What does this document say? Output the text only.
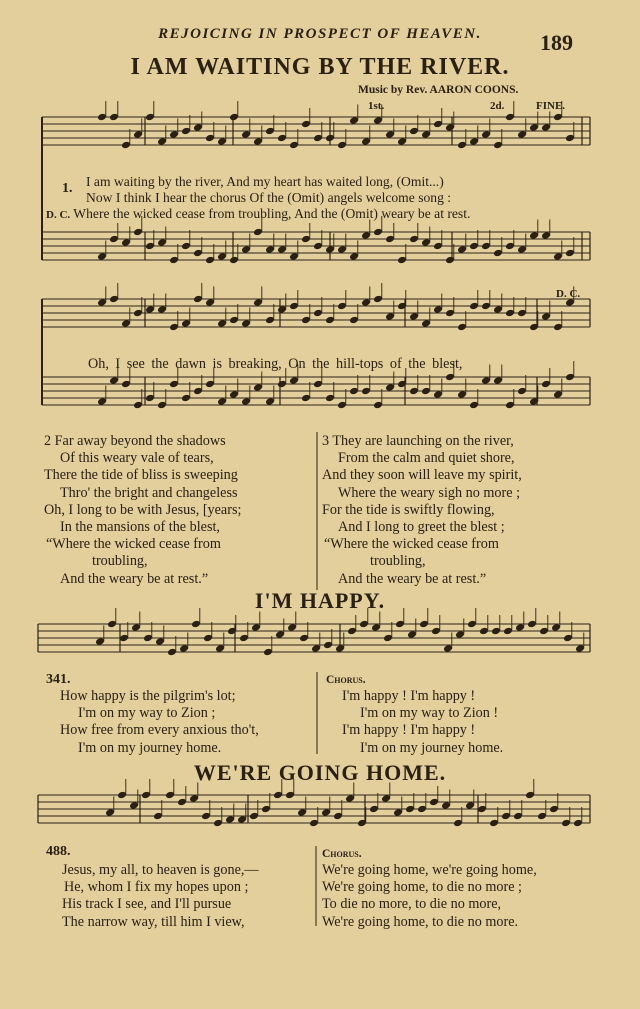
REJOICING IN PROSPECT OF HEAVEN.	189
I AM WAITING BY THE RIVER.
Music by Rev. AARON COONS.
1st.	2d.	FINE.
1. I am waiting by the river, And my heart has waited long, (Omit...)
Now I think I hear the chorus Of the (Omit) angels welcome song :
D. C. Where the wicked cease from troubling, And the (Omit) weary be at rest.
D. C.
Oh, I see the dawn is breaking, On the hill-tops of the blest,
2 Far away beyond the shadows
Of this weary vale of tears,
There the tide of bliss is sweeping
Thro' the bright and changeless
Oh, I long to be with Jesus, [years;
In the mansions of the blest,
“Where the wicked cease from
troubling,
And the weary be at rest.”
3 They are launching on the river,
From the calm and quiet shore,
And they soon will leave my spirit,
Where the weary sigh no more ;
For the tide is swiftly flowing,
And I long to greet the blest ;
“Where the wicked cease from
troubling,
And the weary be at rest.”
I'M HAPPY.
341.
How happy is the pilgrim's lot;
I'm on my way to Zion ;
How free from every anxious tho't,
I'm on my journey home.
Chorus.
I'm happy ! I'm happy !
I'm on my way to Zion !
I'm happy ! I'm happy !
I'm on my journey home.
WE'RE GOING HOME.
488.
Jesus, my all, to heaven is gone,—
He, whom I fix my hopes upon ;
His track I see, and I'll pursue
The narrow way, till him I view,
Chorus.
We're going home, we're going home,
We're going home, to die no more ;
To die no more, to die no more,
We're going home, to die no more.
